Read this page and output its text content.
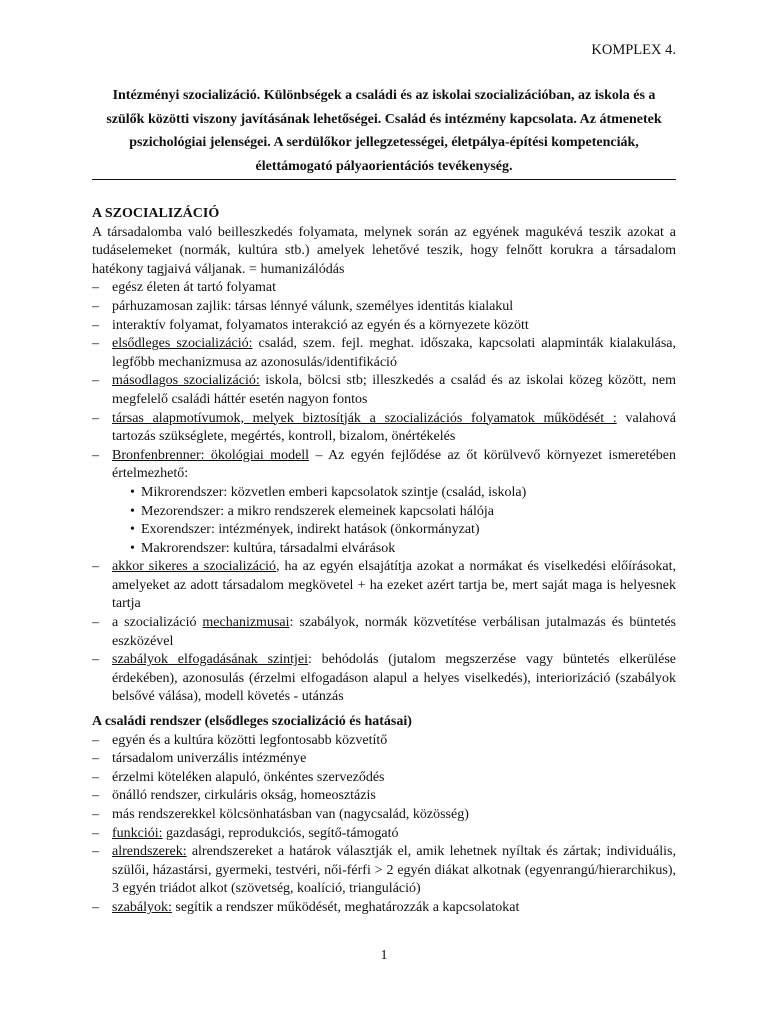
KOMPLEX 4.
Intézményi szocializáció. Különbségek a családi és az iskolai szocializációban, az iskola és a szülők közötti viszony javításának lehetőségei. Család és intézmény kapcsolata. Az átmenetek pszichológiai jelenségei. A serdülőkor jellegzetességei, életpálya-építési kompetenciák, élettámogató pályaorientációs tevékenység.
A SZOCIALIZÁCIÓ
A társadalomba való beilleszkedés folyamata, melynek során az egyének magukévá teszik azokat a tudáselemeket (normák, kultúra stb.) amelyek lehetővé teszik, hogy felnőtt korukra a társadalom hatékony tagjaivá váljanak. = humanizálódás
– egész életen át tartó folyamat
– párhuzamosan zajlik: társas lénnyé válunk, személyes identitás kialakul
– interaktív folyamat, folyamatos interakció az egyén és a környezete között
– elsődleges szocializáció: család, szem. fejl. meghat. időszaka, kapcsolati alapminták kialakulása, legfőbb mechanizmusa az azonosulás/identifikáció
– másodlagos szocializáció: iskola, bölcsi stb; illeszkedés a család és az iskolai közeg között, nem megfelelő családi háttér esetén nagyon fontos
– társas alapmotívumok, melyek biztosítják a szocializációs folyamatok működését : valahová tartozás szükséglete, megértés, kontroll, bizalom, önértékelés
– Bronfenbrenner: ökológiai modell – Az egyén fejlődése az őt körülvevő környezet ismeretében értelmezhető:
• Mikrorendszer: közvetlen emberi kapcsolatok szintje (család, iskola)
• Mezorendszer: a mikro rendszerek elemeinek kapcsolati hálója
• Exorendszer: intézmények, indirekt hatások (önkormányzat)
• Makrorendszer: kultúra, társadalmi elvárások
– akkor sikeres a szocializáció, ha az egyén elsajátítja azokat a normákat és viselkedési előírásokat, amelyeket az adott társadalom megkövetel + ha ezeket azért tartja be, mert saját maga is helyesnek tartja
– a szocializáció mechanizmusai: szabályok, normák közvetítése verbálisan jutalmazás és büntetés eszközével
– szabályok elfogadásának szintjei: behódolás (jutalom megszerzése vagy büntetés elkerülése érdekében), azonosulás (érzelmi elfogadáson alapul a helyes viselkedés), interiorizáció (szabályok belsővé válása), modell követés - utánzás
A családi rendszer (elsődleges szocializáció és hatásai)
– egyén és a kultúra közötti legfontosabb közvetítő
– társadalom univerzális intézménye
– érzelmi köteléken alapuló, önkéntes szerveződés
– önálló rendszer, cirkuláris okság, homeosztázis
– más rendszerekkel kölcsönhatásban van (nagycsalád, közösség)
– funkciói: gazdasági, reprodukciós, segítő-támogató
– alrendszerek: alrendszereket a határok választják el, amik lehetnek nyíltak és zártak; individuális, szülői, házastársi, gyermeki, testvéri, női-férfi > 2 egyén diákat alkotnak (egyenrangú/hierarchikus), 3 egyén triádot alkot (szövetség, koalíció, trianguláció)
– szabályok: segítik a rendszer működését, meghatározzák a kapcsolatokat
1
